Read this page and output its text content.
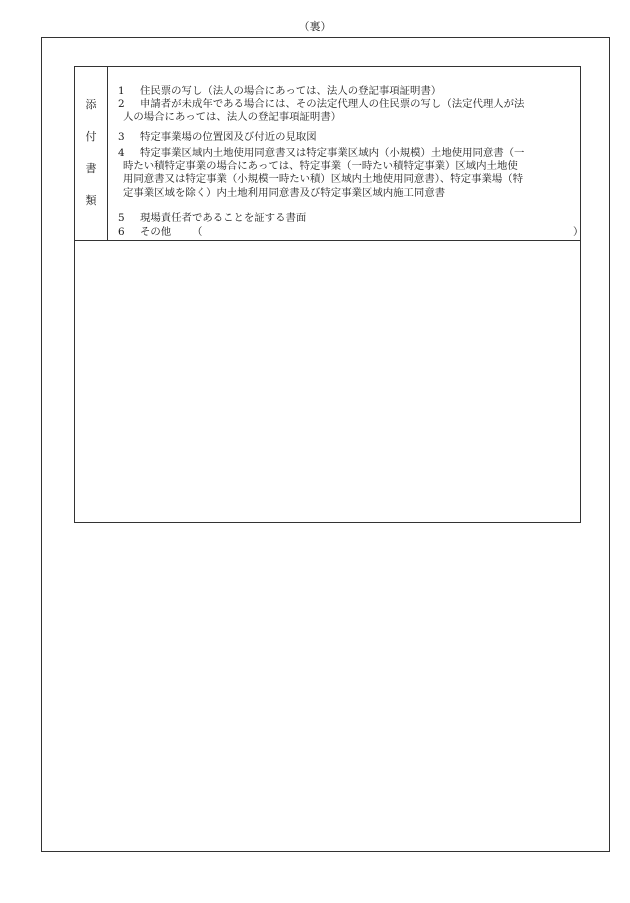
（裏）
添
付
書
類
1 住民票の写し（法人の場合にあっては、法人の登記事項証明書）
2 申請者が未成年である場合には、その法定代理人の住民票の写し（法定代理人が法
人の場合にあっては、法人の登記事項証明書）
3 特定事業場の位置図及び付近の見取図
4 特定事業区域内土地使用同意書又は特定事業区域内（小規模）土地使用同意書（一
時たい積特定事業の場合にあっては、特定事業（一時たい積特定事業）区域内土地使
用同意書又は特定事業（小規模一時たい積）区域内土地使用同意書）、特定事業場（特
定事業区域を除く）内土地利用同意書及び特定事業区域内施工同意書
5 現場責任者であることを証する書面
6 その他 （	）
